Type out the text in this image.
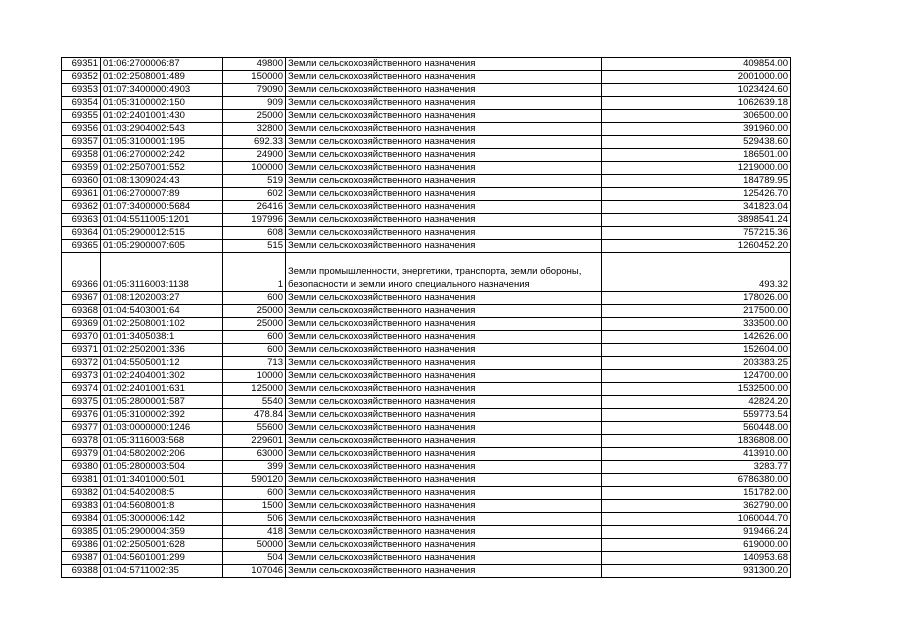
69351	01:06:2700006:87	49800	Земли сельскохозяйственного назначения	409854.00
69352	01:02:2508001:489	150000	Земли сельскохозяйственного назначения	2001000.00
69353	01:07:3400000:4903	79090	Земли сельскохозяйственного назначения	1023424.60
69354	01:05:3100002:150	909	Земли сельскохозяйственного назначения	1062639.18
69355	01:02:2401001:430	25000	Земли сельскохозяйственного назначения	306500.00
69356	01:03:2904002:543	32800	Земли сельскохозяйственного назначения	391960.00
69357	01:05:3100001:195	692.33	Земли сельскохозяйственного назначения	529438.60
69358	01:06:2700002:242	24900	Земли сельскохозяйственного назначения	186501.00
69359	01:02:2507001:552	100000	Земли сельскохозяйственного назначения	1219000.00
69360	01:08:1309024:43	519	Земли сельскохозяйственного назначения	184789.95
69361	01:06:2700007:89	602	Земли сельскохозяйственного назначения	125426.70
69362	01:07:3400000:5684	26416	Земли сельскохозяйственного назначения	341823.04
69363	01:04:5511005:1201	197996	Земли сельскохозяйственного назначения	3898541.24
69364	01:05:2900012:515	608	Земли сельскохозяйственного назначения	757215.36
69365	01:05:2900007:605	515	Земли сельскохозяйственного назначения	1260452.20
69366	01:05:3116003:1138	1	Земли промышленности, энергетики, транспорта, земли обороны, безопасности и земли иного специального назначения	493.32
69367	01:08:1202003:27	600	Земли сельскохозяйственного назначения	178026.00
69368	01:04:5403001:64	25000	Земли сельскохозяйственного назначения	217500.00
69369	01:02:2508001:102	25000	Земли сельскохозяйственного назначения	333500.00
69370	01:01:3405038:1	600	Земли сельскохозяйственного назначения	142626.00
69371	01:02:2502001:336	600	Земли сельскохозяйственного назначения	152604.00
69372	01:04:5505001:12	713	Земли сельскохозяйственного назначения	203383.25
69373	01:02:2404001:302	10000	Земли сельскохозяйственного назначения	124700.00
69374	01:02:2401001:631	125000	Земли сельскохозяйственного назначения	1532500.00
69375	01:05:2800001:587	5540	Земли сельскохозяйственного назначения	42824.20
69376	01:05:3100002:392	478.84	Земли сельскохозяйственного назначения	559773.54
69377	01:03:0000000:1246	55600	Земли сельскохозяйственного назначения	560448.00
69378	01:05:3116003:568	229601	Земли сельскохозяйственного назначения	1836808.00
69379	01:04:5802002:206	63000	Земли сельскохозяйственного назначения	413910.00
69380	01:05:2800003:504	399	Земли сельскохозяйственного назначения	3283.77
69381	01:01:3401000:501	590120	Земли сельскохозяйственного назначения	6786380.00
69382	01:04:5402008:5	600	Земли сельскохозяйственного назначения	151782.00
69383	01:04:5608001:8	1500	Земли сельскохозяйственного назначения	362790.00
69384	01:05:3000006:142	506	Земли сельскохозяйственного назначения	1060044.70
69385	01:05:2900004:359	418	Земли сельскохозяйственного назначения	919466.24
69386	01:02:2505001:628	50000	Земли сельскохозяйственного назначения	619000.00
69387	01:04:5601001:299	504	Земли сельскохозяйственного назначения	140953.68
69388	01:04:5711002:35	107046	Земли сельскохозяйственного назначения	931300.20
